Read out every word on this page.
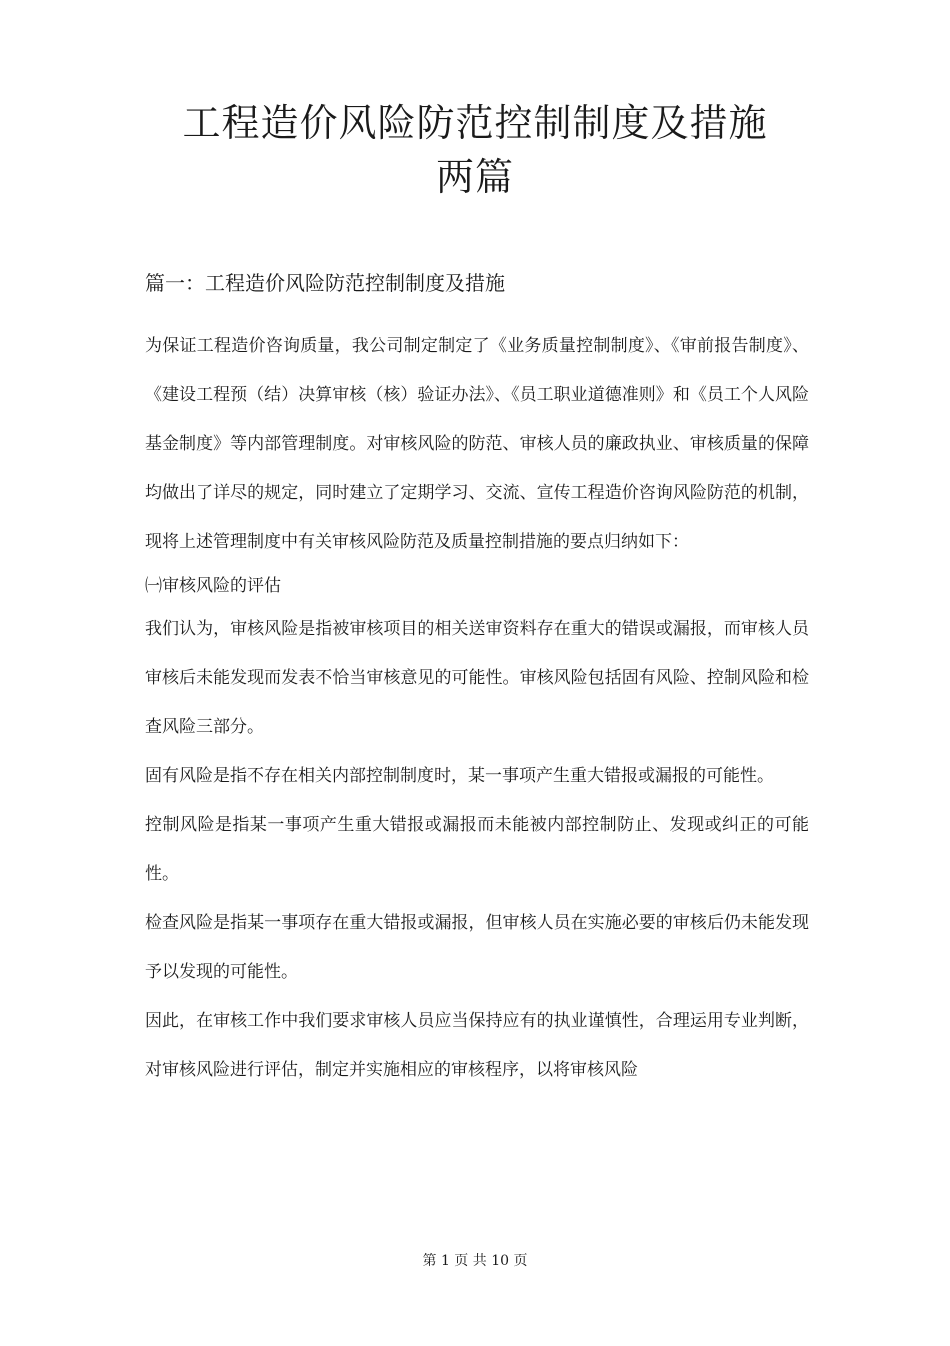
工程造价风险防范控制制度及措施
两篇
篇一：工程造价风险防范控制制度及措施

为保证工程造价咨询质量，我公司制定制定了《业务质量控制制度》、《审前报告制度》、《建设工程预（结）决算审核（核）验证办法》、《员工职业道德准则》和《员工个人风险基金制度》等内部管理制度。对审核风险的防范、审核人员的廉政执业、审核质量的保障均做出了详尽的规定，同时建立了定期学习、交流、宣传工程造价咨询风险防范的机制，现将上述管理制度中有关审核风险防范及质量控制措施的要点归纳如下：

㈠审核风险的评估

我们认为，审核风险是指被审核项目的相关送审资料存在重大的错误或漏报，而审核人员审核后未能发现而发表不恰当审核意见的可能性。审核风险包括固有风险、控制风险和检查风险三部分。

固有风险是指不存在相关内部控制制度时，某一事项产生重大错报或漏报的可能性。

控制风险是指某一事项产生重大错报或漏报而未能被内部控制防止、发现或纠正的可能性。

检查风险是指某一事项存在重大错报或漏报，但审核人员在实施必要的审核后仍未能发现予以发现的可能性。

因此，在审核工作中我们要求审核人员应当保持应有的执业谨慎性，合理运用专业判断，对审核风险进行评估，制定并实施相应的审核程序，以将审核风险

第 1 页 共 10 页
